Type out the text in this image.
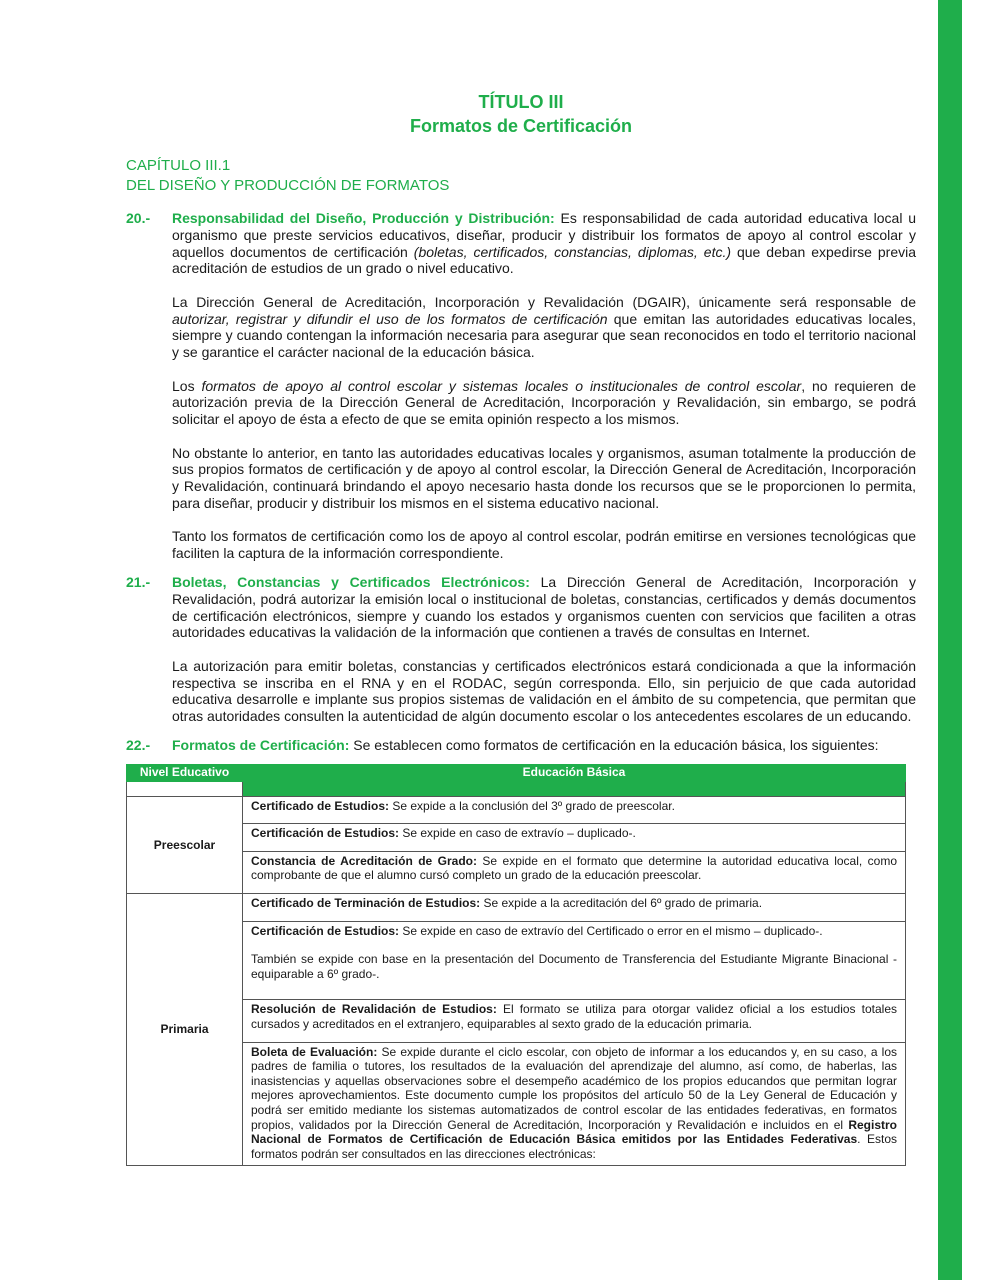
TÍTULO III
Formatos de Certificación
CAPÍTULO III.1
DEL DISEÑO Y PRODUCCIÓN DE FORMATOS
20.- Responsabilidad del Diseño, Producción y Distribución: Es responsabilidad de cada autoridad educativa local u organismo que preste servicios educativos, diseñar, producir y distribuir los formatos de apoyo al control escolar y aquellos documentos de certificación (boletas, certificados, constancias, diplomas, etc.) que deban expedirse previa acreditación de estudios de un grado o nivel educativo.

La Dirección General de Acreditación, Incorporación y Revalidación (DGAIR), únicamente será responsable de autorizar, registrar y difundir el uso de los formatos de certificación que emitan las autoridades educativas locales, siempre y cuando contengan la información necesaria para asegurar que sean reconocidos en todo el territorio nacional y se garantice el carácter nacional de la educación básica.

Los formatos de apoyo al control escolar y sistemas locales o institucionales de control escolar, no requieren de autorización previa de la Dirección General de Acreditación, Incorporación y Revalidación, sin embargo, se podrá solicitar el apoyo de ésta a efecto de que se emita opinión respecto a los mismos.

No obstante lo anterior, en tanto las autoridades educativas locales y organismos, asuman totalmente la producción de sus propios formatos de certificación y de apoyo al control escolar, la Dirección General de Acreditación, Incorporación y Revalidación, continuará brindando el apoyo necesario hasta donde los recursos que se le proporcionen lo permita, para diseñar, producir y distribuir los mismos en el sistema educativo nacional.

Tanto los formatos de certificación como los de apoyo al control escolar, podrán emitirse en versiones tecnológicas que faciliten la captura de la información correspondiente.

21.- Boletas, Constancias y Certificados Electrónicos: La Dirección General de Acreditación, Incorporación y Revalidación, podrá autorizar la emisión local o institucional de boletas, constancias, certificados y demás documentos de certificación electrónicos, siempre y cuando los estados y organismos cuenten con servicios que faciliten a otras autoridades educativas la validación de la información que contienen a través de consultas en Internet.

La autorización para emitir boletas, constancias y certificados electrónicos estará condicionada a que la información respectiva se inscriba en el RNA y en el RODAC, según corresponda. Ello, sin perjuicio de que cada autoridad educativa desarrolle e implante sus propios sistemas de validación en el ámbito de su competencia, que permitan que otras autoridades consulten la autenticidad de algún documento escolar o los antecedentes escolares de un educando.

22.- Formatos de Certificación: Se establecen como formatos de certificación en la educación básica, los siguientes:

Nivel Educativo	Educación Básica

Preescolar	Certificado de Estudios: Se expide a la conclusión del 3º grado de preescolar.

	Certificación de Estudios: Se expide en caso de extravío – duplicado-.

	Constancia de Acreditación de Grado: Se expide en el formato que determine la autoridad educativa local, como comprobante de que el alumno cursó completo un grado de la educación preescolar.

Primaria	Certificado de Terminación de Estudios: Se expide a la acreditación del 6º grado de primaria.

	Certificación de Estudios: Se expide en caso de extravío del Certificado o error en el mismo – duplicado-.
También se expide con base en la presentación del Documento de Transferencia del Estudiante Migrante Binacional -equiparable a 6º grado-.

	Resolución de Revalidación de Estudios: El formato se utiliza para otorgar validez oficial a los estudios totales cursados y acreditados en el extranjero, equiparables al sexto grado de la educación primaria.

	Boleta de Evaluación: Se expide durante el ciclo escolar, con objeto de informar a los educandos y, en su caso, a los padres de familia o tutores, los resultados de la evaluación del aprendizaje del alumno, así como, de haberlas, las inasistencias y aquellas observaciones sobre el desempeño académico de los propios educandos que permitan lograr mejores aprovechamientos. Este documento cumple los propósitos del artículo 50 de la Ley General de Educación y podrá ser emitido mediante los sistemas automatizados de control escolar de las entidades federativas, en formatos propios, validados por la Dirección General de Acreditación, Incorporación y Revalidación e incluidos en el Registro Nacional de Formatos de Certificación de Educación Básica emitidos por las Entidades Federativas. Estos formatos podrán ser consultados en las direcciones electrónicas:
